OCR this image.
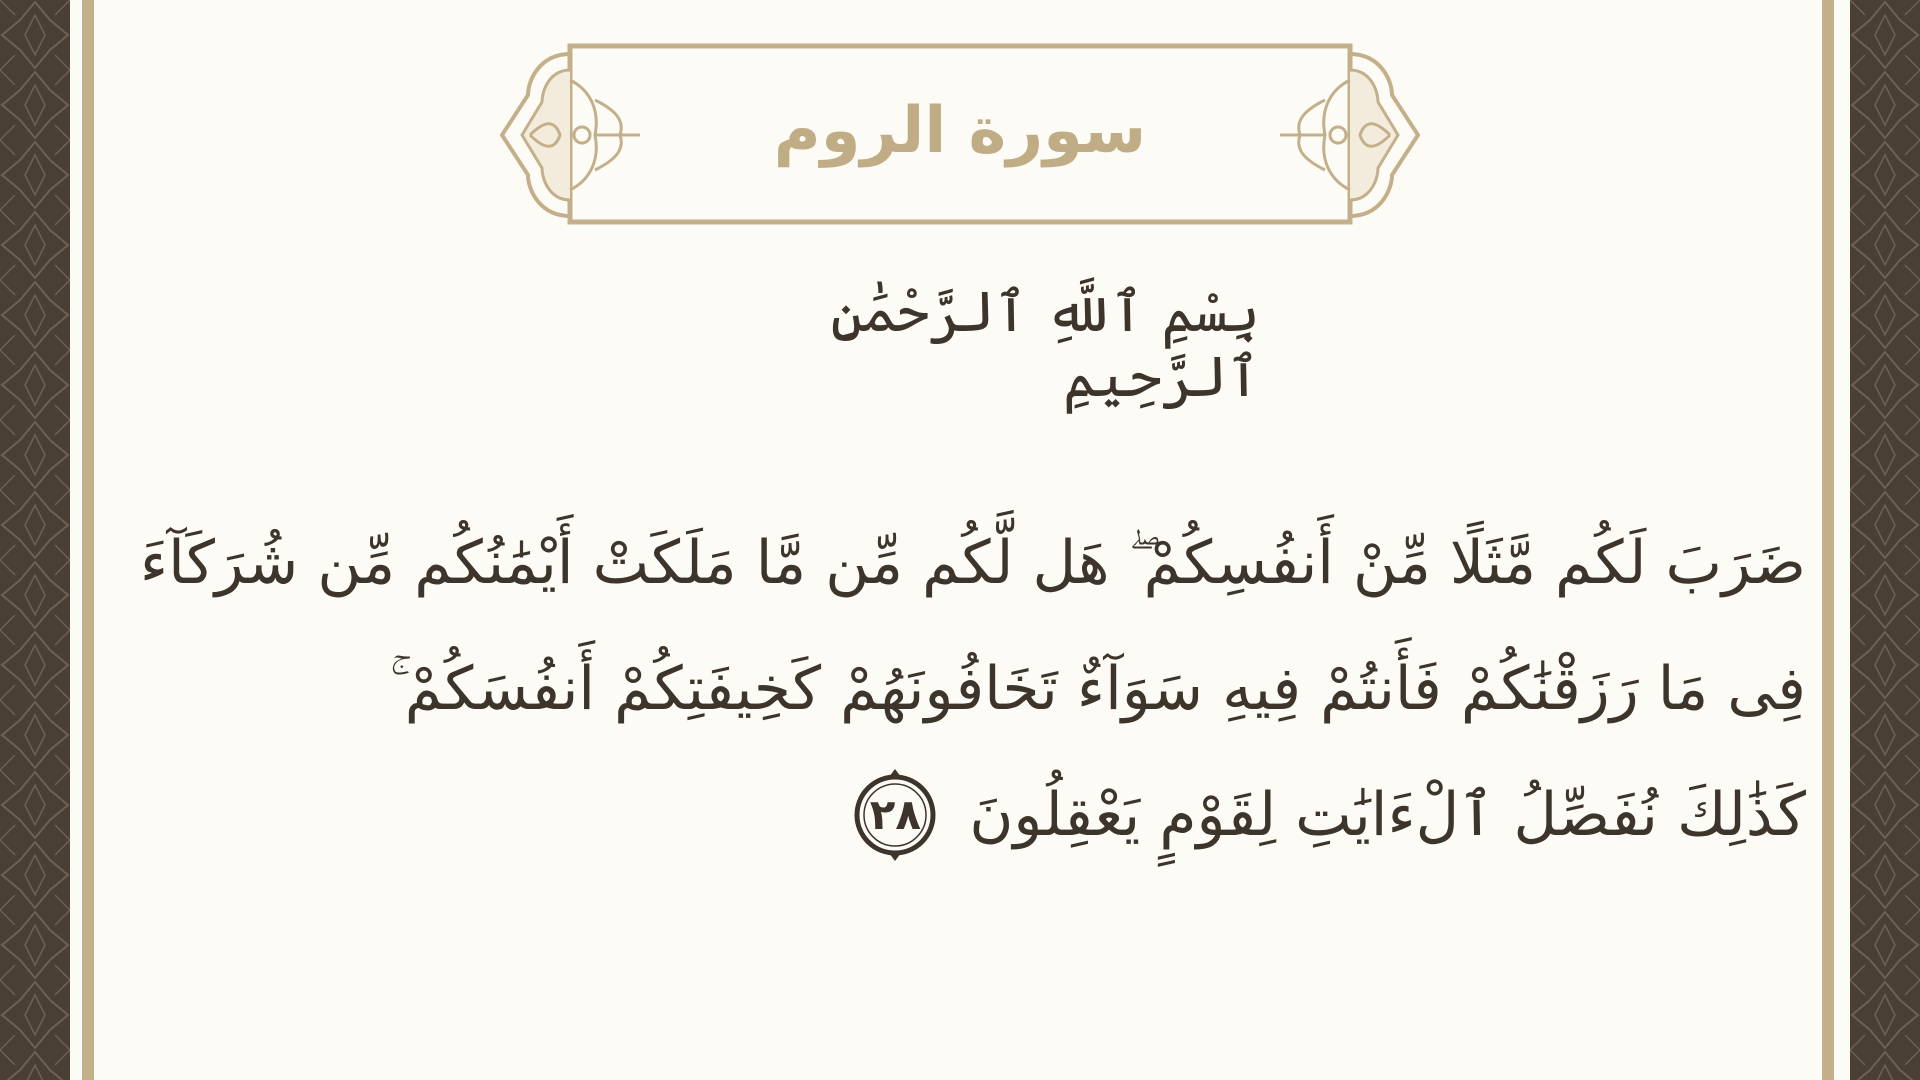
سورة الروم
بِسْمِ ٱللَّهِ ٱلرَّحْمَٰنِ ٱلرَّحِيمِ
ضَرَبَ لَكُم مَّثَلًا مِّنْ أَنفُسِكُمْ ۖ هَل لَّكُم مِّن مَّا مَلَكَتْ أَيْمَٰنُكُم مِّن شُرَكَآءَ
فِى مَا رَزَقْنَٰكُمْ فَأَنتُمْ فِيهِ سَوَآءٌ تَخَافُونَهُمْ كَخِيفَتِكُمْ أَنفُسَكُمْ ۚ
كَذَٰلِكَ نُفَصِّلُ ٱلْءَايَٰتِ لِقَوْمٍ يَعْقِلُونَ
٢٨
